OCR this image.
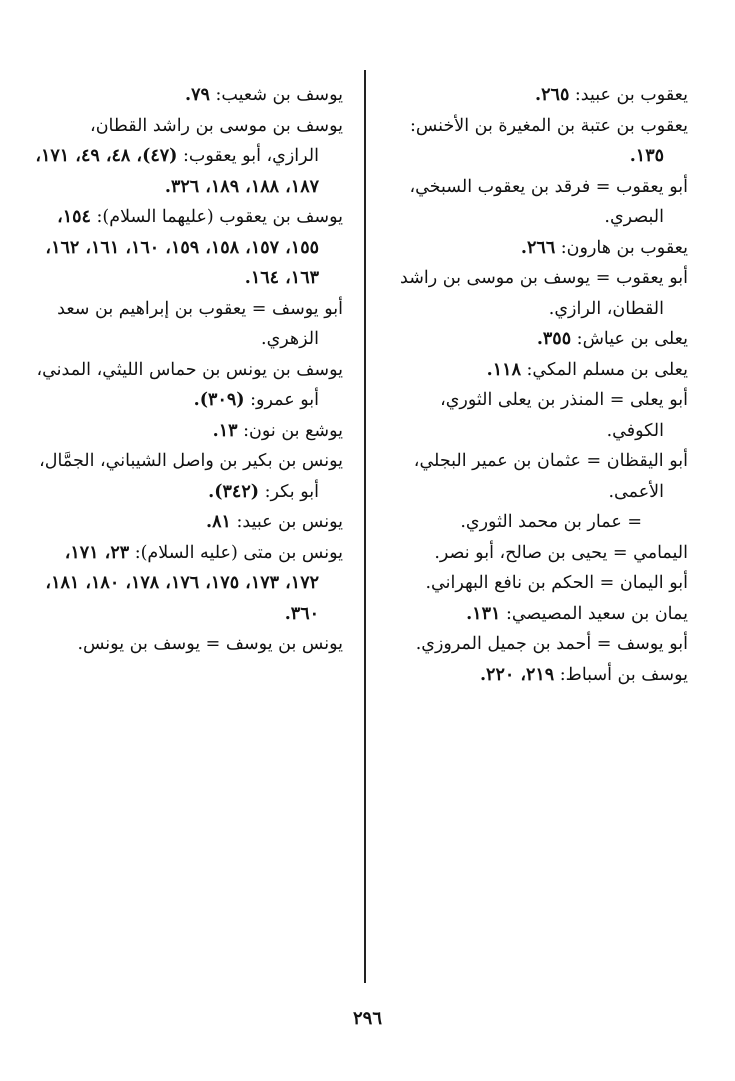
يعقوب بن عبيد: ٢٦٥.

يعقوب بن عتبة بن المغيرة بن الأخنس: ١٣٥.

أبو يعقوب = فرقد بن يعقوب السبخي، البصري.

يعقوب بن هارون: ٢٦٦.

أبو يعقوب = يوسف بن موسى بن راشد القطان، الرازي.

يعلى بن عياش: ٣٥٥.

يعلى بن مسلم المكي: ١١٨.

أبو يعلى = المنذر بن يعلى الثوري، الكوفي.

أبو اليقظان = عثمان بن عمير البجلي، الأعمى.

= عمار بن محمد الثوري.

اليمامي = يحيى بن صالح، أبو نصر.

أبو اليمان = الحكم بن نافع البهراني.

يمان بن سعيد المصيصي: ١٣١.

أبو يوسف = أحمد بن جميل المروزي.

يوسف بن أسباط: ٢١٩، ٢٢٠.

يوسف بن شعيب: ٧٩.

يوسف بن موسى بن راشد القطان، الرازي، أبو يعقوب: (٤٧)، ٤٨، ٤٩، ١٧١، ١٨٧، ١٨٨، ١٨٩، ٣٢٦.

يوسف بن يعقوب (عليهما السلام): ١٥٤، ١٥٥، ١٥٧، ١٥٨، ١٥٩، ١٦٠، ١٦١، ١٦٢، ١٦٣، ١٦٤.

أبو يوسف = يعقوب بن إبراهيم بن سعد الزهري.

يوسف بن يونس بن حماس الليثي، المدني، أبو عمرو: (٣٠٩).

يوشع بن نون: ١٣.

يونس بن بكير بن واصل الشيباني، الجمَّال، أبو بكر: (٣٤٢).

يونس بن عبيد: ٨١.

يونس بن متى (عليه السلام): ٢٣، ١٧١، ١٧٢، ١٧٣، ١٧٥، ١٧٦، ١٧٨، ١٨٠، ١٨١، ٣٦٠.

يونس بن يوسف = يوسف بن يونس.

٢٩٦
